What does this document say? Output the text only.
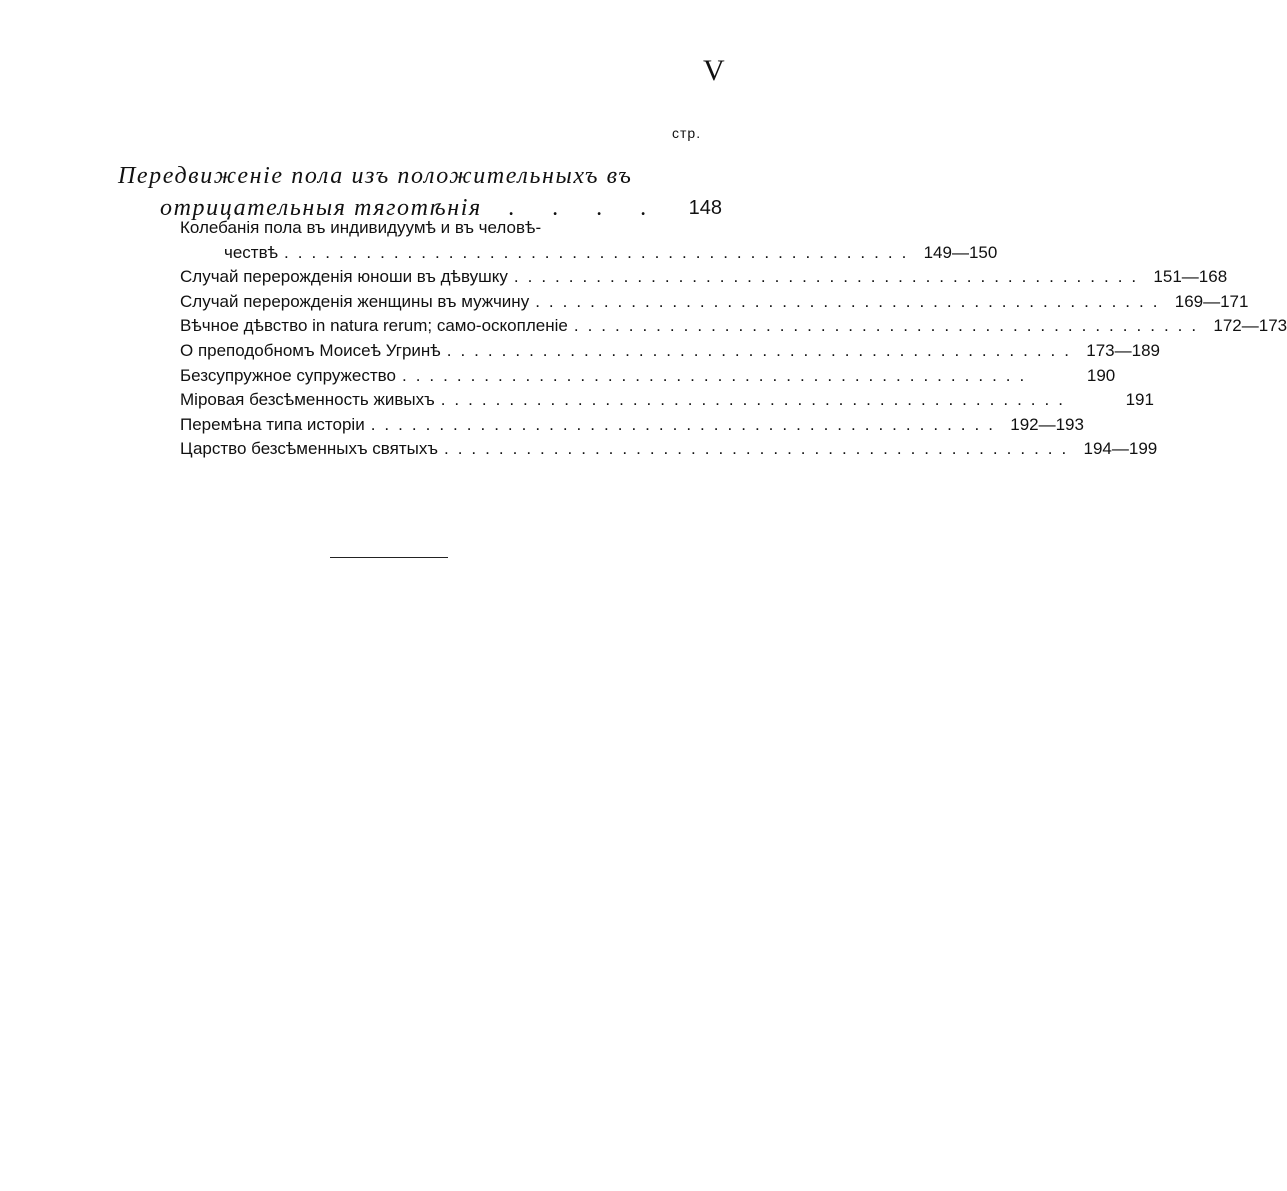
V
стр.
Передвиженіе пола изъ положительныхъ въ
отрицательныя тяготѣнія	. . . .	148
Колебанія пола въ индивидуумѣ и въ человѣ-
чествѣ .............................................. 149—150
Случай перерожденія юноши въ дѣвушку .............................................. 151—168
Случай перерожденія женщины въ мужчину .............................................. 169—171
Вѣчное дѣвство in natura rerum; само-оскопленіе .............................................. 172—173
О преподобномъ Моисеѣ Угринѣ .............................................. 173—189
Безсупружное супружество ..............................................	190
Міровая безсѣменность живыхъ ..............................................	191
Перемѣна типа исторіи .............................................. 192—193
Царство безсѣменныхъ святыхъ .............................................. 194—199
